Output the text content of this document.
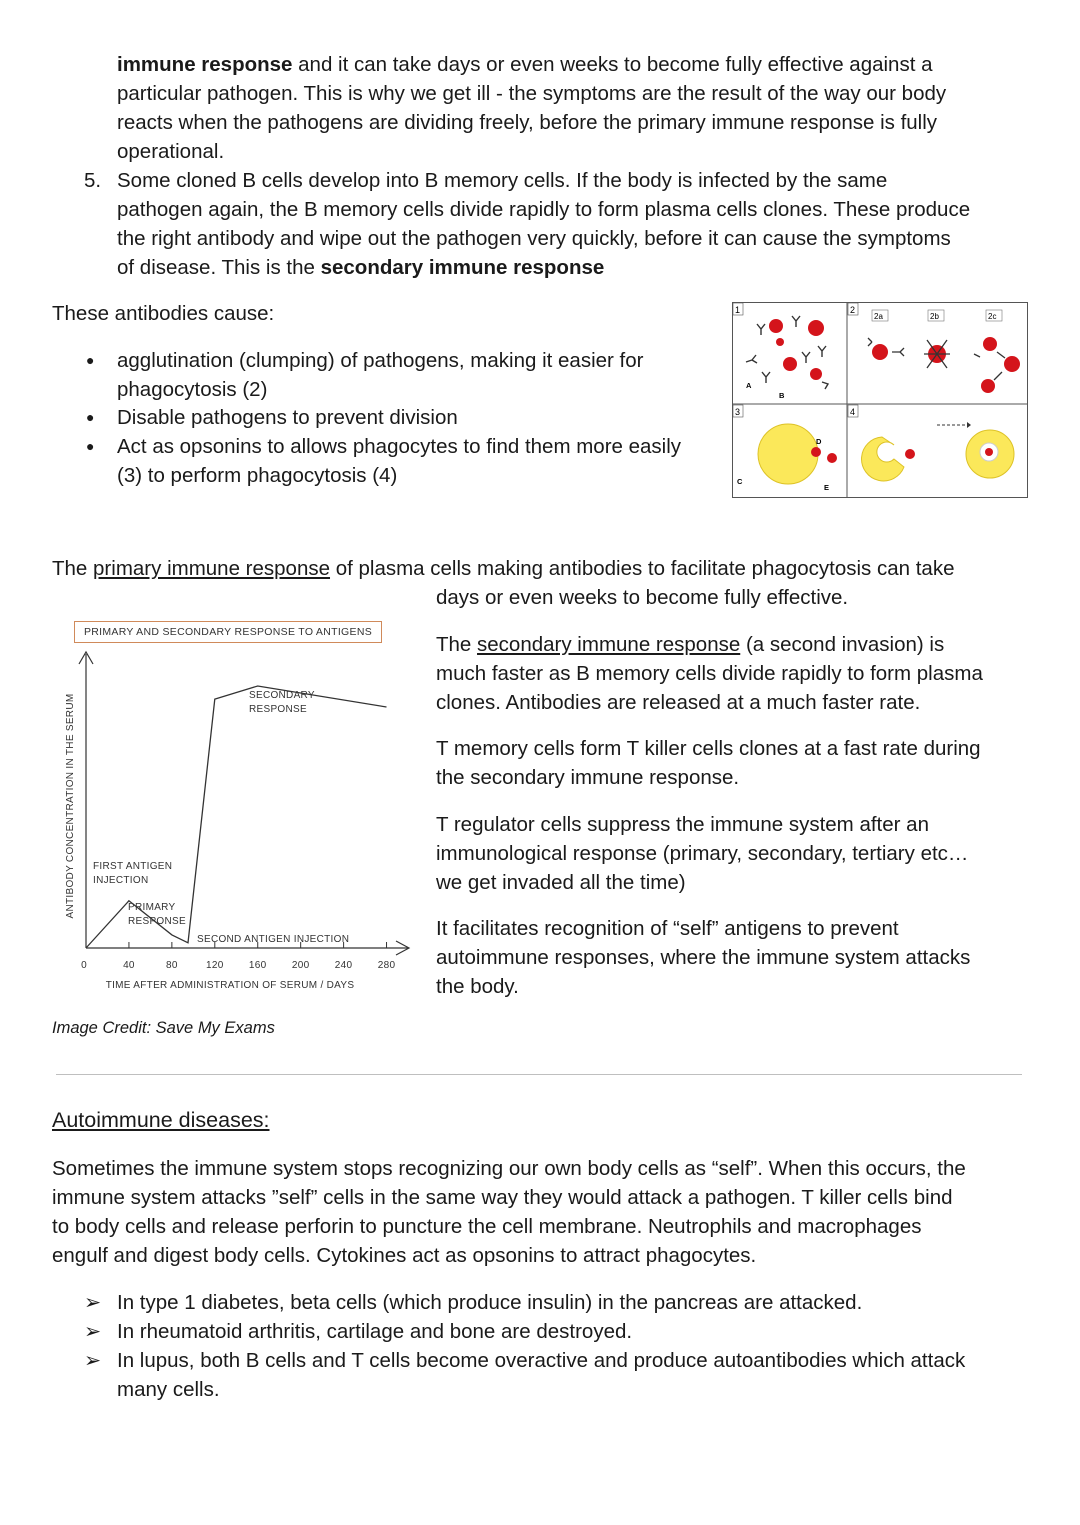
immune response and it can take days or even weeks to become fully effective against a
particular pathogen. This is why we get ill - the symptoms are the result of the way our body
reacts when the pathogens are dividing freely, before the primary immune response is fully
operational.
5. Some cloned B cells develop into B memory cells. If the body is infected by the same
pathogen again, the B memory cells divide rapidly to form plasma cells clones. These produce
the right antibody and wipe out the pathogen very quickly, before it can cause the symptoms
of disease. This is the secondary immune response
These antibodies cause:
● agglutination (clumping) of pathogens, making it easier for
phagocytosis (2)
● Disable pathogens to prevent division
● Act as opsonins to allows phagocytes to find them more easily
(3) to perform phagocytosis (4)
1	2
3	4
2a	2b	2c
A
B
C
D
E
The primary immune response of plasma cells making antibodies to facilitate phagocytosis can take
days or even weeks to become fully effective.
PRIMARY AND SECONDARY RESPONSE TO ANTIGENS
ANTIBODY CONCENTRATION IN THE SERUM
TIME AFTER ADMINISTRATION OF SERUM / DAYS
0	40	80	120	160	200	240	280
FIRST ANTIGEN
INJECTION
PRIMARY
RESPONSE
SECONDARY
RESPONSE
SECOND ANTIGEN INJECTION
Image Credit: Save My Exams
The secondary immune response (a second invasion) is
much faster as B memory cells divide rapidly to form plasma
clones. Antibodies are released at a much faster rate.
T memory cells form T killer cells clones at a fast rate during
the secondary immune response.
T regulator cells suppress the immune system after an
immunological response (primary, secondary, tertiary etc…
we get invaded all the time)
It facilitates recognition of “self” antigens to prevent
autoimmune responses, where the immune system attacks
the body.
Autoimmune diseases:
Sometimes the immune system stops recognizing our own body cells as “self”. When this occurs, the
immune system attacks ”self” cells in the same way they would attack a pathogen. T killer cells bind
to body cells and release perforin to puncture the cell membrane. Neutrophils and macrophages
engulf and digest body cells. Cytokines act as opsonins to attract phagocytes.
➢ In type 1 diabetes, beta cells (which produce insulin) in the pancreas are attacked.
➢ In rheumatoid arthritis, cartilage and bone are destroyed.
➢ In lupus, both B cells and T cells become overactive and produce autoantibodies which attack
many cells.
